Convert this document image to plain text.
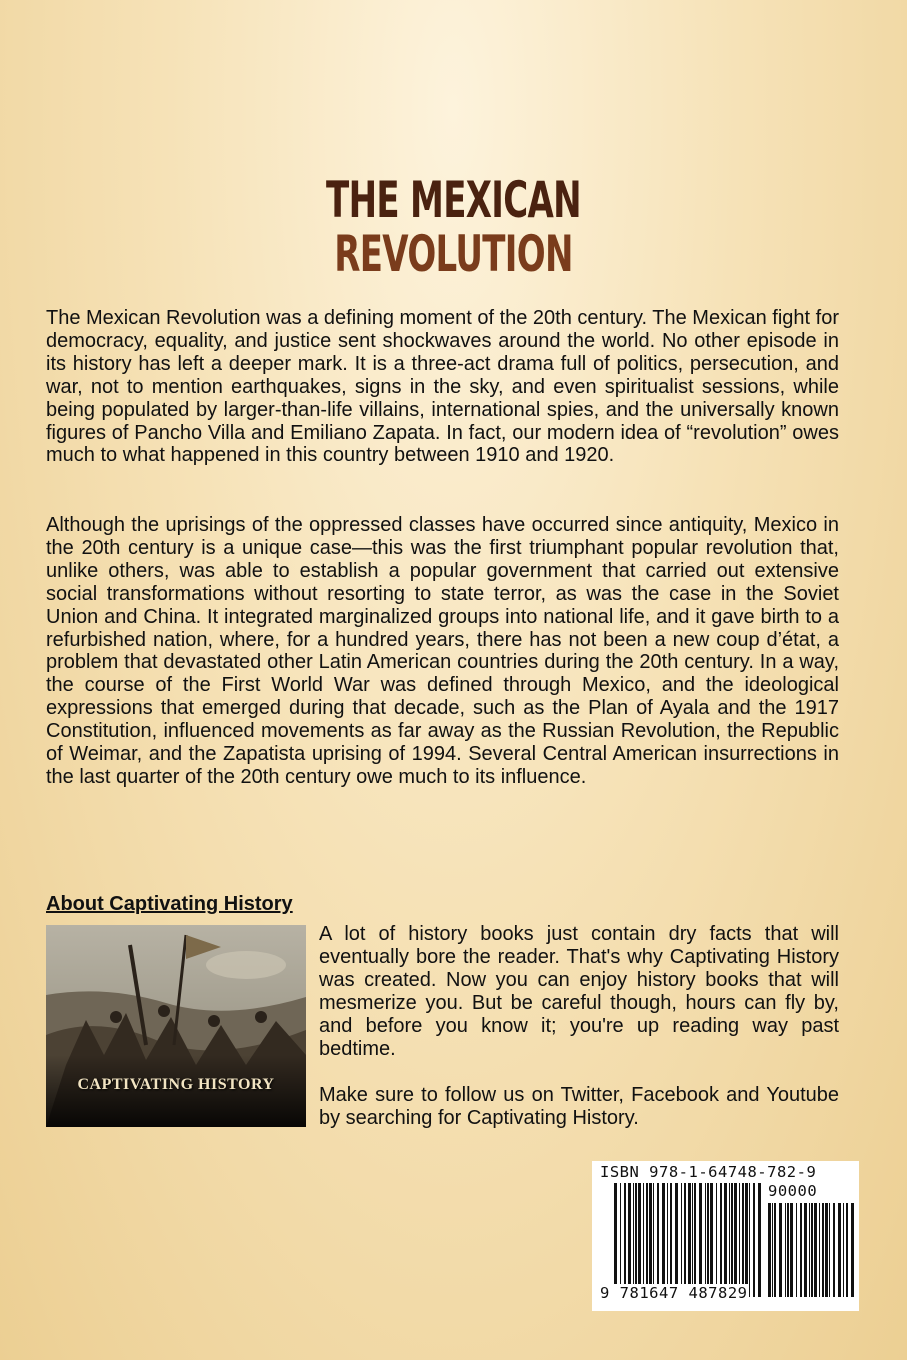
THE MEXICAN
REVOLUTION

The Mexican Revolution was a defining moment of the 20th century. The Mexican fight for democracy, equality, and justice sent shockwaves around the world. No other episode in its history has left a deeper mark. It is a three-act drama full of politics, persecution, and war, not to mention earthquakes, signs in the sky, and even spiritualist sessions, while being populated by larger-than-life villains, international spies, and the universally known figures of Pancho Villa and Emiliano Zapata. In fact, our modern idea of “revolution” owes much to what happened in this country between 1910 and 1920.

Although the uprisings of the oppressed classes have occurred since antiquity, Mexico in the 20th century is a unique case—this was the first triumphant popular revolution that, unlike others, was able to establish a popular government that carried out extensive social transformations without resorting to state terror, as was the case in the Soviet Union and China. It integrated marginalized groups into national life, and it gave birth to a refurbished nation, where, for a hundred years, there has not been a new coup d’état, a problem that devastated other Latin American countries during the 20th century. In a way, the course of the First World War was defined through Mexico, and the ideological expressions that emerged during that decade, such as the Plan of Ayala and the 1917 Constitution, influenced movements as far away as the Russian Revolution, the Republic of Weimar, and the Zapatista uprising of 1994. Several Central American insurrections in the last quarter of the 20th century owe much to its influence.

About Captivating History
CAPTIVATING HISTORY

A lot of history books just contain dry facts that will eventually bore the reader. That's why Captivating History was created. Now you can enjoy history books that will mesmerize you. But be careful though, hours can fly by, and before you know it; you're up reading way past bedtime.

Make sure to follow us on Twitter, Facebook and Youtube by searching for Captivating History.

ISBN 978-1-64748-782-9
90000
9 781647 487829
